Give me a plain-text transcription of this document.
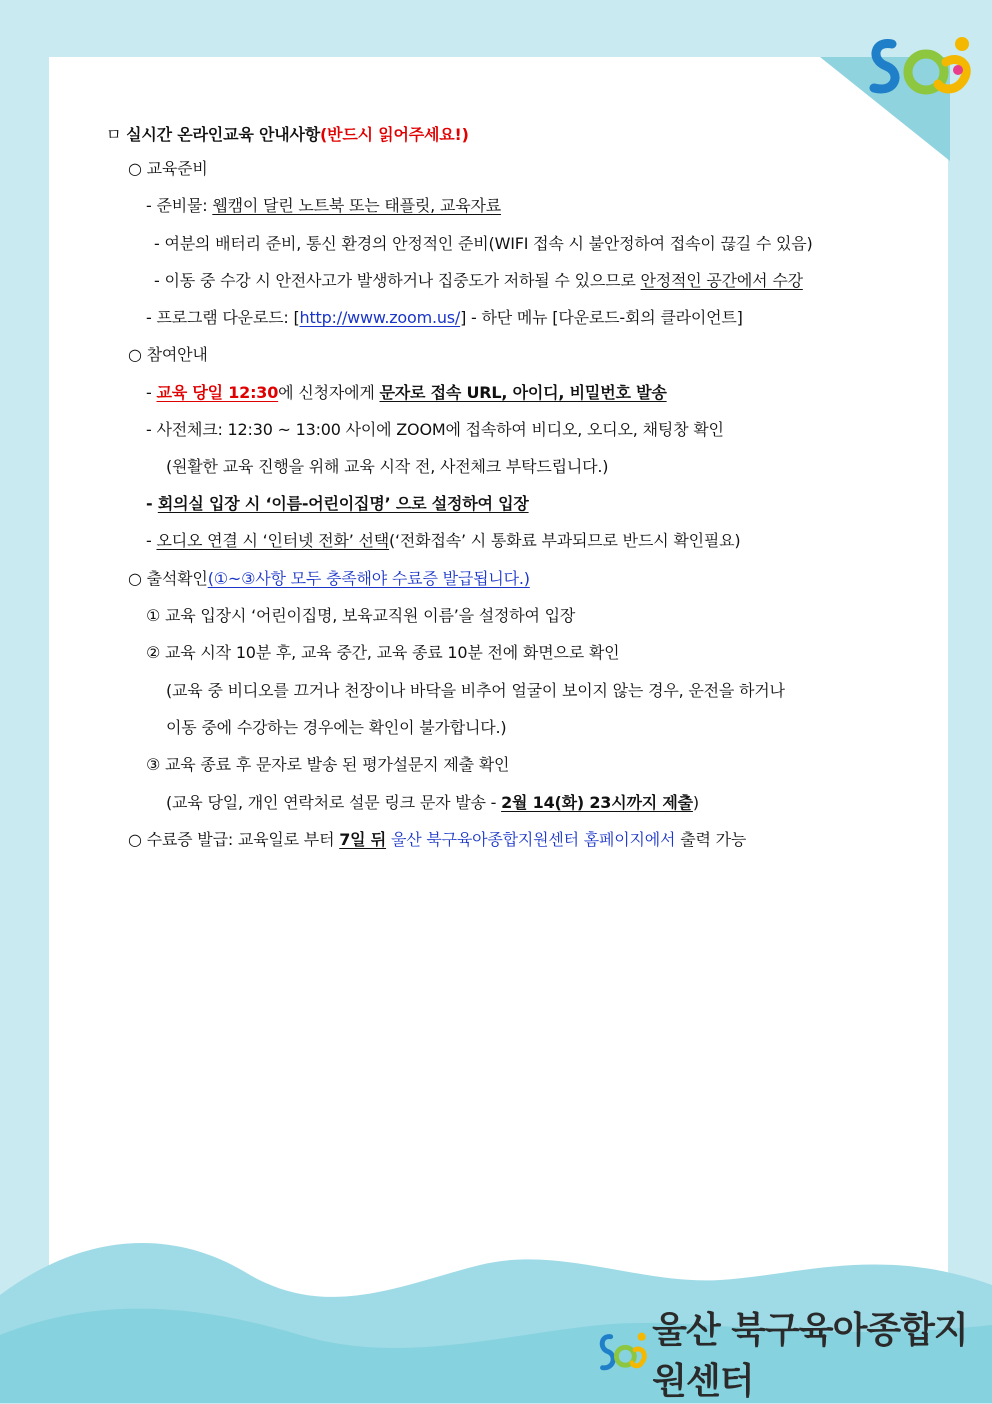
울산 북구육아종합지원센터
ㅁ 실시간 온라인교육 안내사항(반드시 읽어주세요!)
○ 교육준비
- 준비물: 웹캠이 달린 노트북 또는 태플릿, 교육자료
- 여분의 배터리 준비, 통신 환경의 안정적인 준비(WIFI 접속 시 불안정하여 접속이 끊길 수 있음)
- 이동 중 수강 시 안전사고가 발생하거나 집중도가 저하될 수 있으므로 안정적인 공간에서 수강
- 프로그램 다운로드: [http://www.zoom.us/] - 하단 메뉴 [다운로드-회의 클라이언트]
○ 참여안내
- 교육 당일 12:30에 신청자에게 문자로 접속 URL, 아이디, 비밀번호 발송
- 사전체크: 12:30 ~ 13:00 사이에 ZOOM에 접속하여 비디오, 오디오, 채팅창 확인
(원활한 교육 진행을 위해 교육 시작 전, 사전체크 부탁드립니다.)
- 회의실 입장 시 ‘이름-어린이집명’ 으로 설정하여 입장
- 오디오 연결 시 ‘인터넷 전화’ 선택(‘전화접속’ 시 통화료 부과되므로 반드시 확인필요)
○ 출석확인(①~③사항 모두 충족해야 수료증 발급됩니다.)
① 교육 입장시 ‘어린이집명, 보육교직원 이름’을 설정하여 입장
② 교육 시작 10분 후, 교육 중간, 교육 종료 10분 전에 화면으로 확인
(교육 중 비디오를 끄거나 천장이나 바닥을 비추어 얼굴이 보이지 않는 경우, 운전을 하거나
이동 중에 수강하는 경우에는 확인이 불가합니다.)
③ 교육 종료 후 문자로 발송 된 평가설문지 제출 확인
(교육 당일, 개인 연락처로 설문 링크 문자 발송 - 2월 14(화) 23시까지 제출)
○ 수료증 발급: 교육일로 부터 7일 뒤 울산 북구육아종합지원센터 홈페이지에서 출력 가능
